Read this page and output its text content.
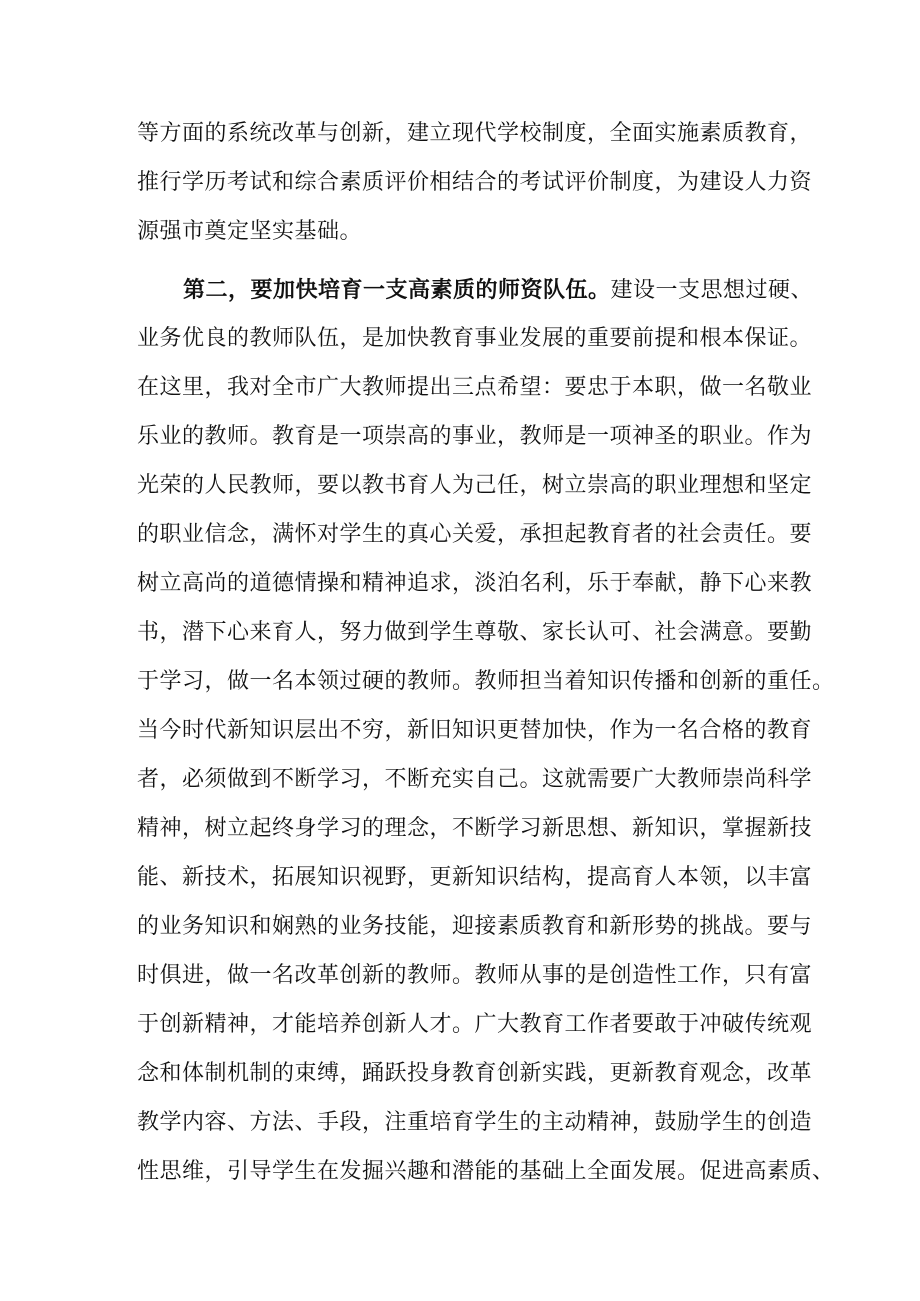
等方面的系统改革与创新，建立现代学校制度，全面实施素质教育，
推行学历考试和综合素质评价相结合的考试评价制度，为建设人力资
源强市奠定坚实基础。
第二，要加快培育一支高素质的师资队伍。建设一支思想过硬、
业务优良的教师队伍，是加快教育事业发展的重要前提和根本保证。
在这里，我对全市广大教师提出三点希望：要忠于本职，做一名敬业
乐业的教师。教育是一项崇高的事业，教师是一项神圣的职业。作为
光荣的人民教师，要以教书育人为己任，树立崇高的职业理想和坚定
的职业信念，满怀对学生的真心关爱，承担起教育者的社会责任。要
树立高尚的道德情操和精神追求，淡泊名利，乐于奉献，静下心来教
书，潜下心来育人，努力做到学生尊敬、家长认可、社会满意。要勤
于学习，做一名本领过硬的教师。教师担当着知识传播和创新的重任。
当今时代新知识层出不穷，新旧知识更替加快，作为一名合格的教育
者，必须做到不断学习，不断充实自己。这就需要广大教师崇尚科学
精神，树立起终身学习的理念，不断学习新思想、新知识，掌握新技
能、新技术，拓展知识视野，更新知识结构，提高育人本领，以丰富
的业务知识和娴熟的业务技能，迎接素质教育和新形势的挑战。要与
时俱进，做一名改革创新的教师。教师从事的是创造性工作，只有富
于创新精神，才能培养创新人才。广大教育工作者要敢于冲破传统观
念和体制机制的束缚，踊跃投身教育创新实践，更新教育观念，改革
教学内容、方法、手段，注重培育学生的主动精神，鼓励学生的创造
性思维，引导学生在发掘兴趣和潜能的基础上全面发展。促进高素质、
